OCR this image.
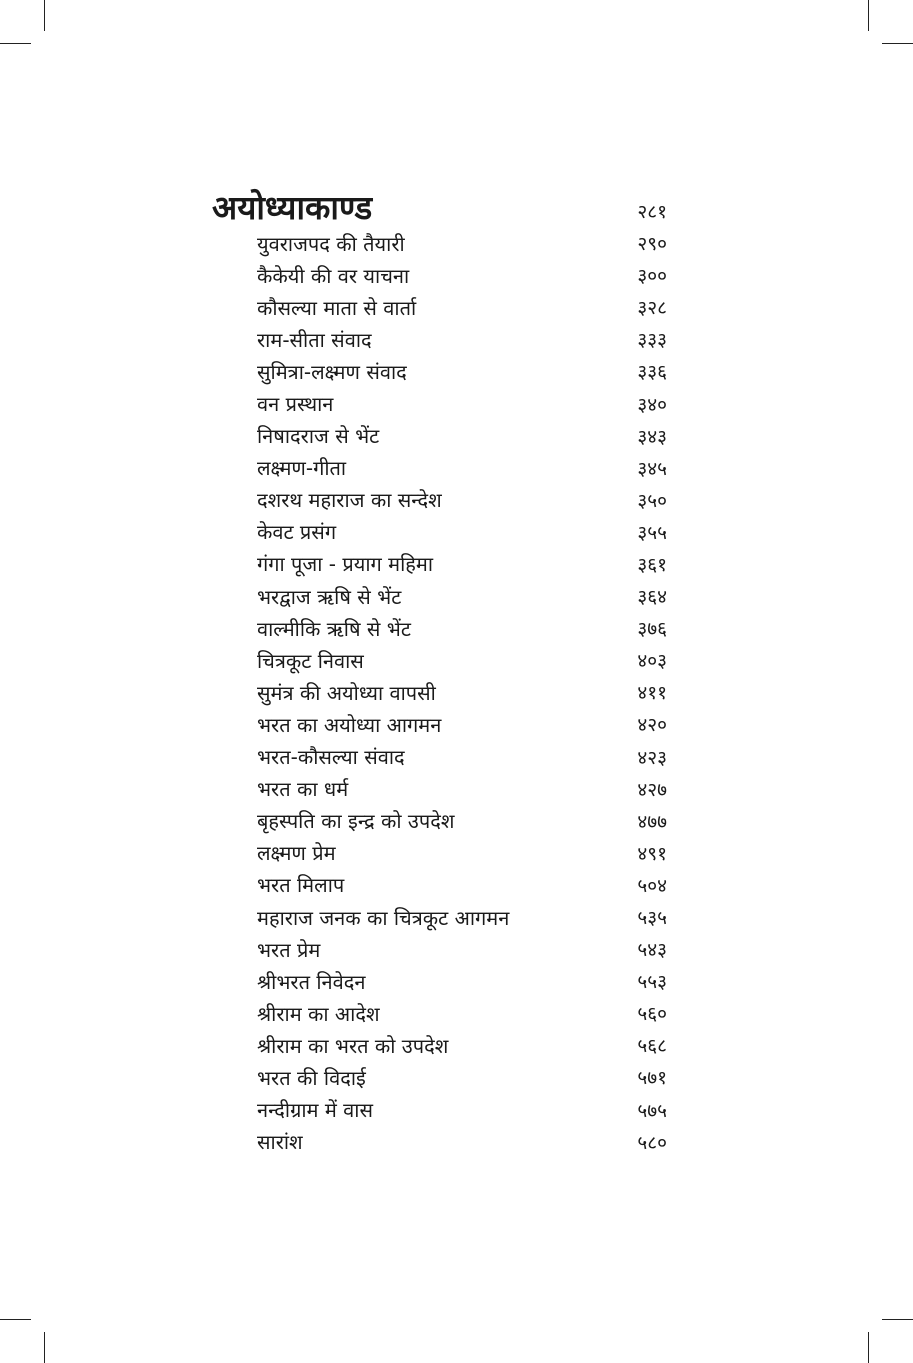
अयोध्याकाण्ड	२८१
युवराजपद की तैयारी	२९०
कैकेयी की वर याचना	३००
कौसल्या माता से वार्ता	३२८
राम-सीता संवाद	३३३
सुमित्रा-लक्ष्मण संवाद	३३६
वन प्रस्थान	३४०
निषादराज से भेंट	३४३
लक्ष्मण-गीता	३४५
दशरथ महाराज का सन्देश	३५०
केवट प्रसंग	३५५
गंगा पूजा - प्रयाग महिमा	३६१
भरद्वाज ऋषि से भेंट	३६४
वाल्मीकि ऋषि से भेंट	३७६
चित्रकूट निवास	४०३
सुमंत्र की अयोध्या वापसी	४११
भरत का अयोध्या आगमन	४२०
भरत-कौसल्या संवाद	४२३
भरत का धर्म	४२७
बृहस्पति का इन्द्र को उपदेश	४७७
लक्ष्मण प्रेम	४९१
भरत मिलाप	५०४
महाराज जनक का चित्रकूट आगमन	५३५
भरत प्रेम	५४३
श्रीभरत निवेदन	५५३
श्रीराम का आदेश	५६०
श्रीराम का भरत को उपदेश	५६८
भरत की विदाई	५७१
नन्दीग्राम में वास	५७५
सारांश	५८०
